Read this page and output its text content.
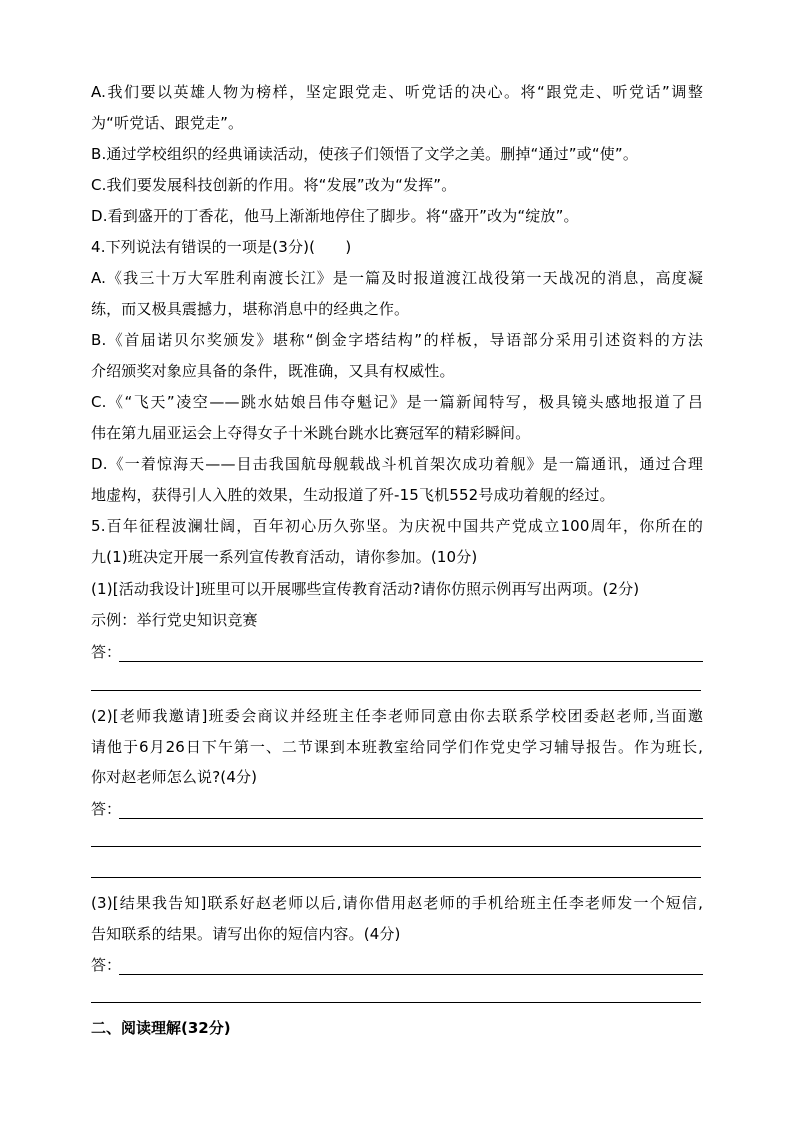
A.我们要以英雄人物为榜样，坚定跟党走、听党话的决心。将“跟党走、听党话”调整
为“听党话、跟党走”。
B.通过学校组织的经典诵读活动，使孩子们领悟了文学之美。删掉“通过”或“使”。
C.我们要发展科技创新的作用。将“发展”改为“发挥”。
D.看到盛开的丁香花，他马上渐渐地停住了脚步。将“盛开”改为“绽放”。
4.下列说法有错误的一项是(3分)(　　)
A.《我三十万大军胜利南渡长江》是一篇及时报道渡江战役第一天战况的消息，高度凝
练，而又极具震撼力，堪称消息中的经典之作。
B.《首届诺贝尔奖颁发》堪称“倒金字塔结构”的样板，导语部分采用引述资料的方法
介绍颁奖对象应具备的条件，既准确，又具有权威性。
C.《“飞天”凌空——跳水姑娘吕伟夺魁记》是一篇新闻特写，极具镜头感地报道了吕
伟在第九届亚运会上夺得女子十米跳台跳水比赛冠军的精彩瞬间。
D.《一着惊海天——目击我国航母舰载战斗机首架次成功着舰》是一篇通讯，通过合理
地虚构，获得引人入胜的效果，生动报道了歼-15飞机552号成功着舰的经过。
5.百年征程波澜壮阔，百年初心历久弥坚。为庆祝中国共产党成立100周年，你所在的
九(1)班决定开展一系列宣传教育活动，请你参加。(10分)
(1)[活动我设计]班里可以开展哪些宣传教育活动?请你仿照示例再写出两项。(2分)
示例：举行党史知识竞赛
答：
(2)[老师我邀请]班委会商议并经班主任李老师同意由你去联系学校团委赵老师,当面邀
请他于6月26日下午第一、二节课到本班教室给同学们作党史学习辅导报告。作为班长,
你对赵老师怎么说?(4分)
答：
(3)[结果我告知]联系好赵老师以后,请你借用赵老师的手机给班主任李老师发一个短信,
告知联系的结果。请写出你的短信内容。(4分)
答：
二、阅读理解(32分)
